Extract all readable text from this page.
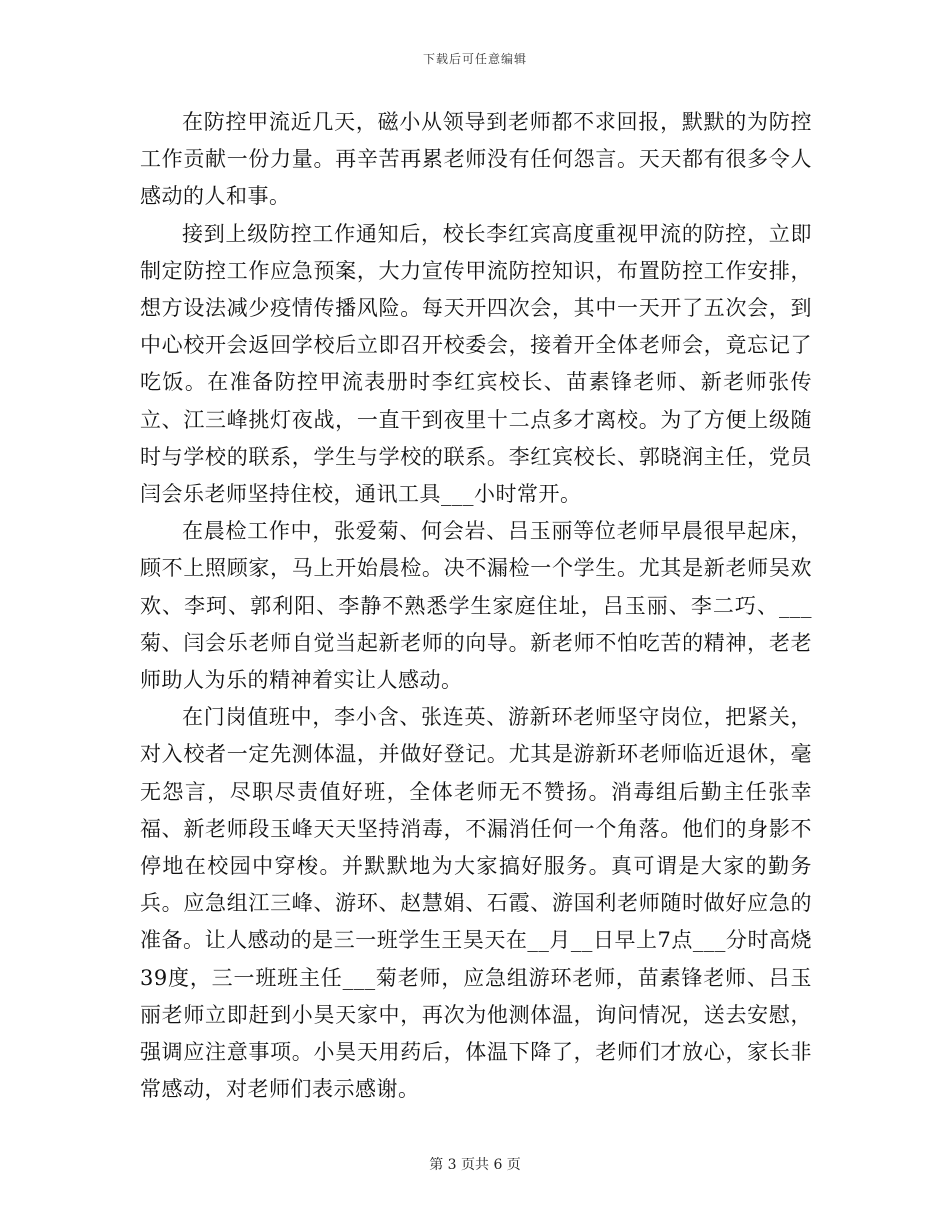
下载后可任意编辑

在防控甲流近几天，磁小从领导到老师都不求回报，默默的为防控工作贡献一份力量。再辛苦再累老师没有任何怨言。天天都有很多令人感动的人和事。

接到上级防控工作通知后，校长李红宾高度重视甲流的防控，立即制定防控工作应急预案，大力宣传甲流防控知识，布置防控工作安排，想方设法减少疫情传播风险。每天开四次会，其中一天开了五次会，到中心校开会返回学校后立即召开校委会，接着开全体老师会，竟忘记了吃饭。在准备防控甲流表册时李红宾校长、苗素锋老师、新老师张传立、江三峰挑灯夜战，一直干到夜里十二点多才离校。为了方便上级随时与学校的联系，学生与学校的联系。李红宾校长、郭晓润主任，党员闫会乐老师坚持住校，通讯工具___小时常开。

在晨检工作中，张爱菊、何会岩、吕玉丽等位老师早晨很早起床，顾不上照顾家，马上开始晨检。决不漏检一个学生。尤其是新老师吴欢欢、李珂、郭利阳、李静不熟悉学生家庭住址，吕玉丽、李二巧、___菊、闫会乐老师自觉当起新老师的向导。新老师不怕吃苦的精神，老老师助人为乐的精神着实让人感动。

在门岗值班中，李小含、张连英、游新环老师坚守岗位，把紧关，对入校者一定先测体温，并做好登记。尤其是游新环老师临近退休，毫无怨言，尽职尽责值好班，全体老师无不赞扬。消毒组后勤主任张幸福、新老师段玉峰天天坚持消毒，不漏消任何一个角落。他们的身影不停地在校园中穿梭。并默默地为大家搞好服务。真可谓是大家的勤务兵。应急组江三峰、游环、赵慧娟、石霞、游国利老师随时做好应急的准备。让人感动的是三一班学生王昊天在__月__日早上7点___分时高烧39度，三一班班主任___菊老师，应急组游环老师，苗素锋老师、吕玉丽老师立即赶到小昊天家中，再次为他测体温，询问情况，送去安慰，强调应注意事项。小昊天用药后，体温下降了，老师们才放心，家长非常感动，对老师们表示感谢。

第 3 页共 6 页
